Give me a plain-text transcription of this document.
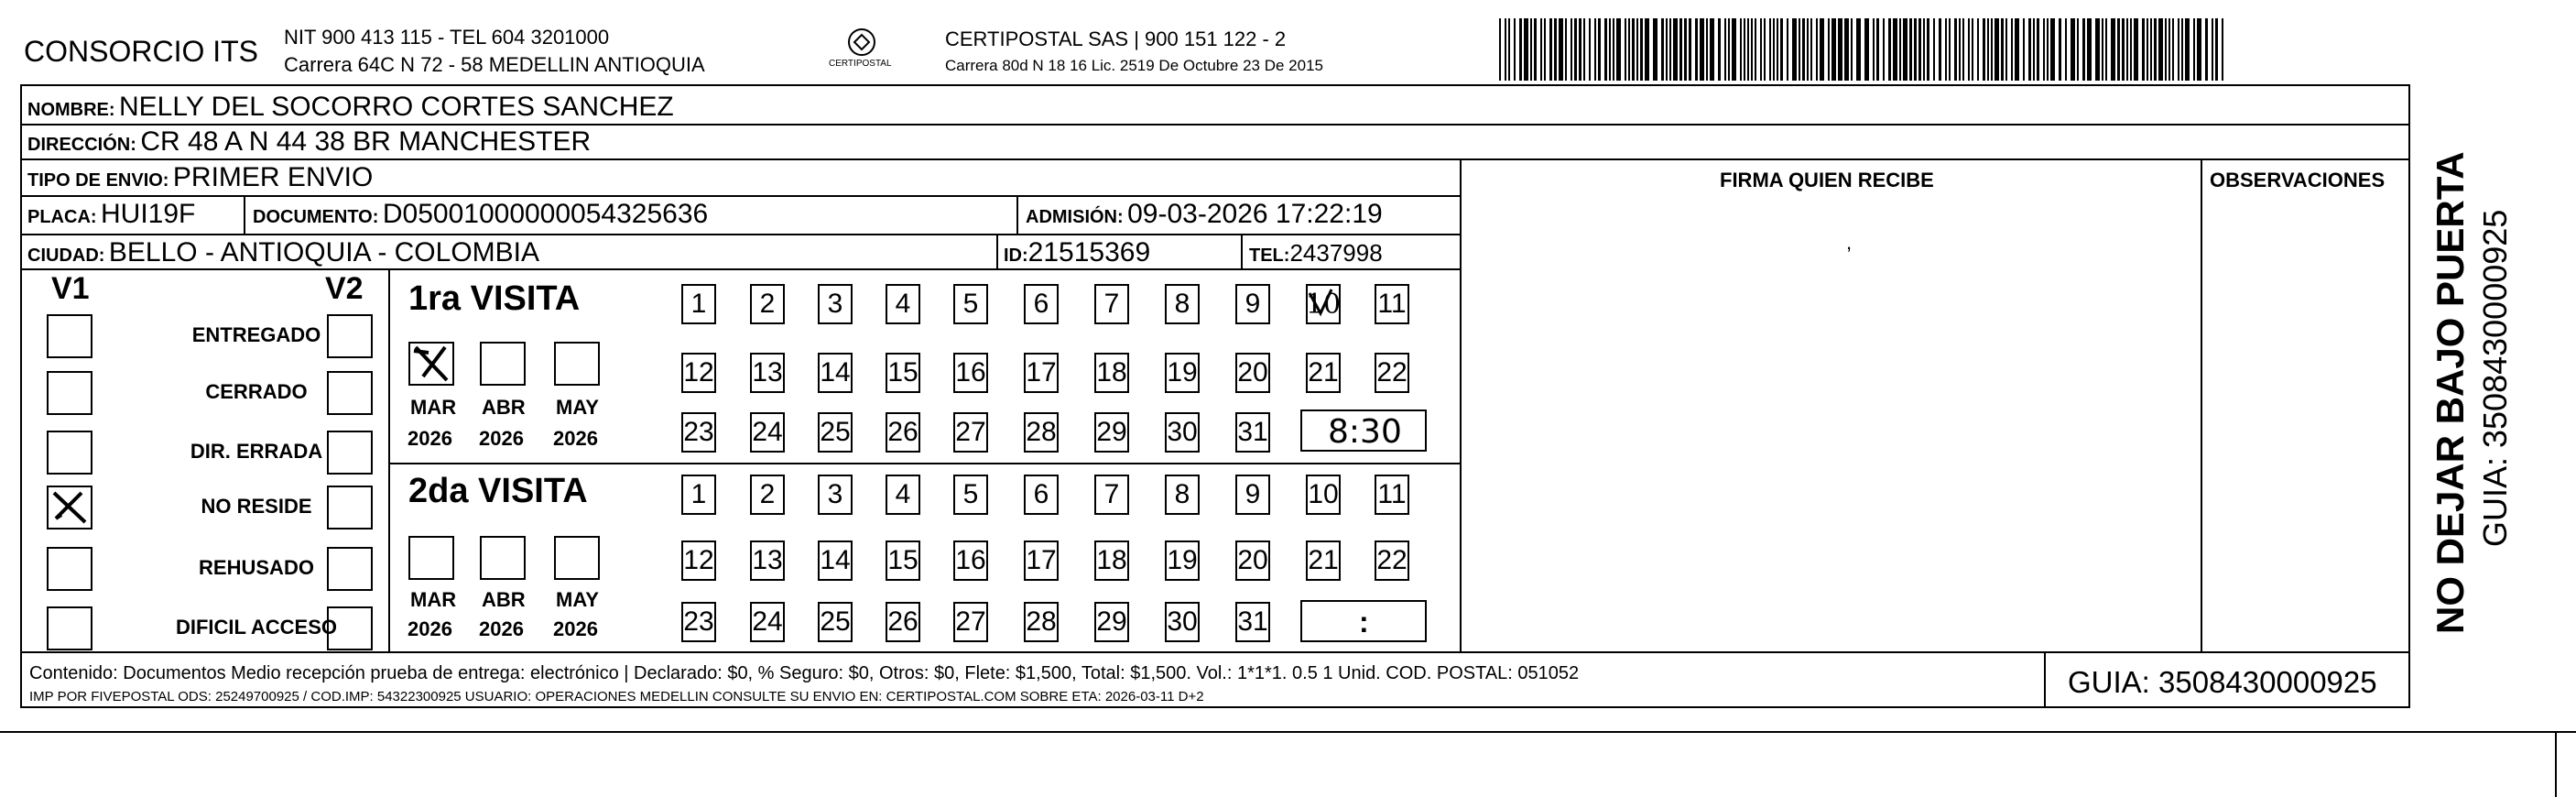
CONSORCIO ITS NIT 900 413 115 - TEL 604 3201000
Carrera 64C N 72 - 58 MEDELLIN ANTIOQUIA	CERTIPOSTAL
CERTIPOSTAL SAS | 900 151 122 - 2
Carrera 80d N 18 16 Lic. 2519 De Octubre 23 De 2015
NOMBRE: NELLY DEL SOCORRO CORTES SANCHEZ
DIRECCIÓN: CR 48 A N 44 38 BR MANCHESTER
TIPO DE ENVIO: PRIMER ENVIO
PLACA: HUI19F	DOCUMENTO: D05001000000054325636	ADMISIÓN: 09-03-2026 17:22:19
CIUDAD: BELLO - ANTIOQUIA - COLOMBIA	ID:21515369	TEL:2437998
FIRMA QUIEN RECIBE	OBSERVACIONES
,
V1	V2
ENTREGADO
CERRADO
DIR. ERRADA
NO RESIDE
REHUSADO
DIFICIL ACCESO
1ra VISITA
2da VISITA
MAR
2026
ABR
2026
MAY
2026
1	2	3	4	5	6	7	8	9	10 11
12 13 14 15 16 17 18 19 20 21 22
23 24 25 26 27 28 29 30 31
MAR
2026
ABR
2026
MAY
2026
1	2	3	4	5	6	7	8	9	10 11
12 13 14 15 16 17 18 19 20 21 22
23 24 25 26 27 28 29 30 31
8:30
:
Contenido: Documentos Medio recepción prueba de entrega: electrónico | Declarado: $0, % Seguro: $0, Otros: $0, Flete: $1,500, Total: $1,500. Vol.: 1*1*1. 0.5 1 Unid. COD. POSTAL: 051052
IMP POR FIVEPOSTAL ODS: 25249700925 / COD.IMP: 54322300925 USUARIO: OPERACIONES MEDELLIN CONSULTE SU ENVIO EN: CERTIPOSTAL.COM SOBRE ETA: 2026-03-11 D+2	GUIA: 3508430000925
NO DEJAR BAJO PUERTA GUIA: 3508430000925
